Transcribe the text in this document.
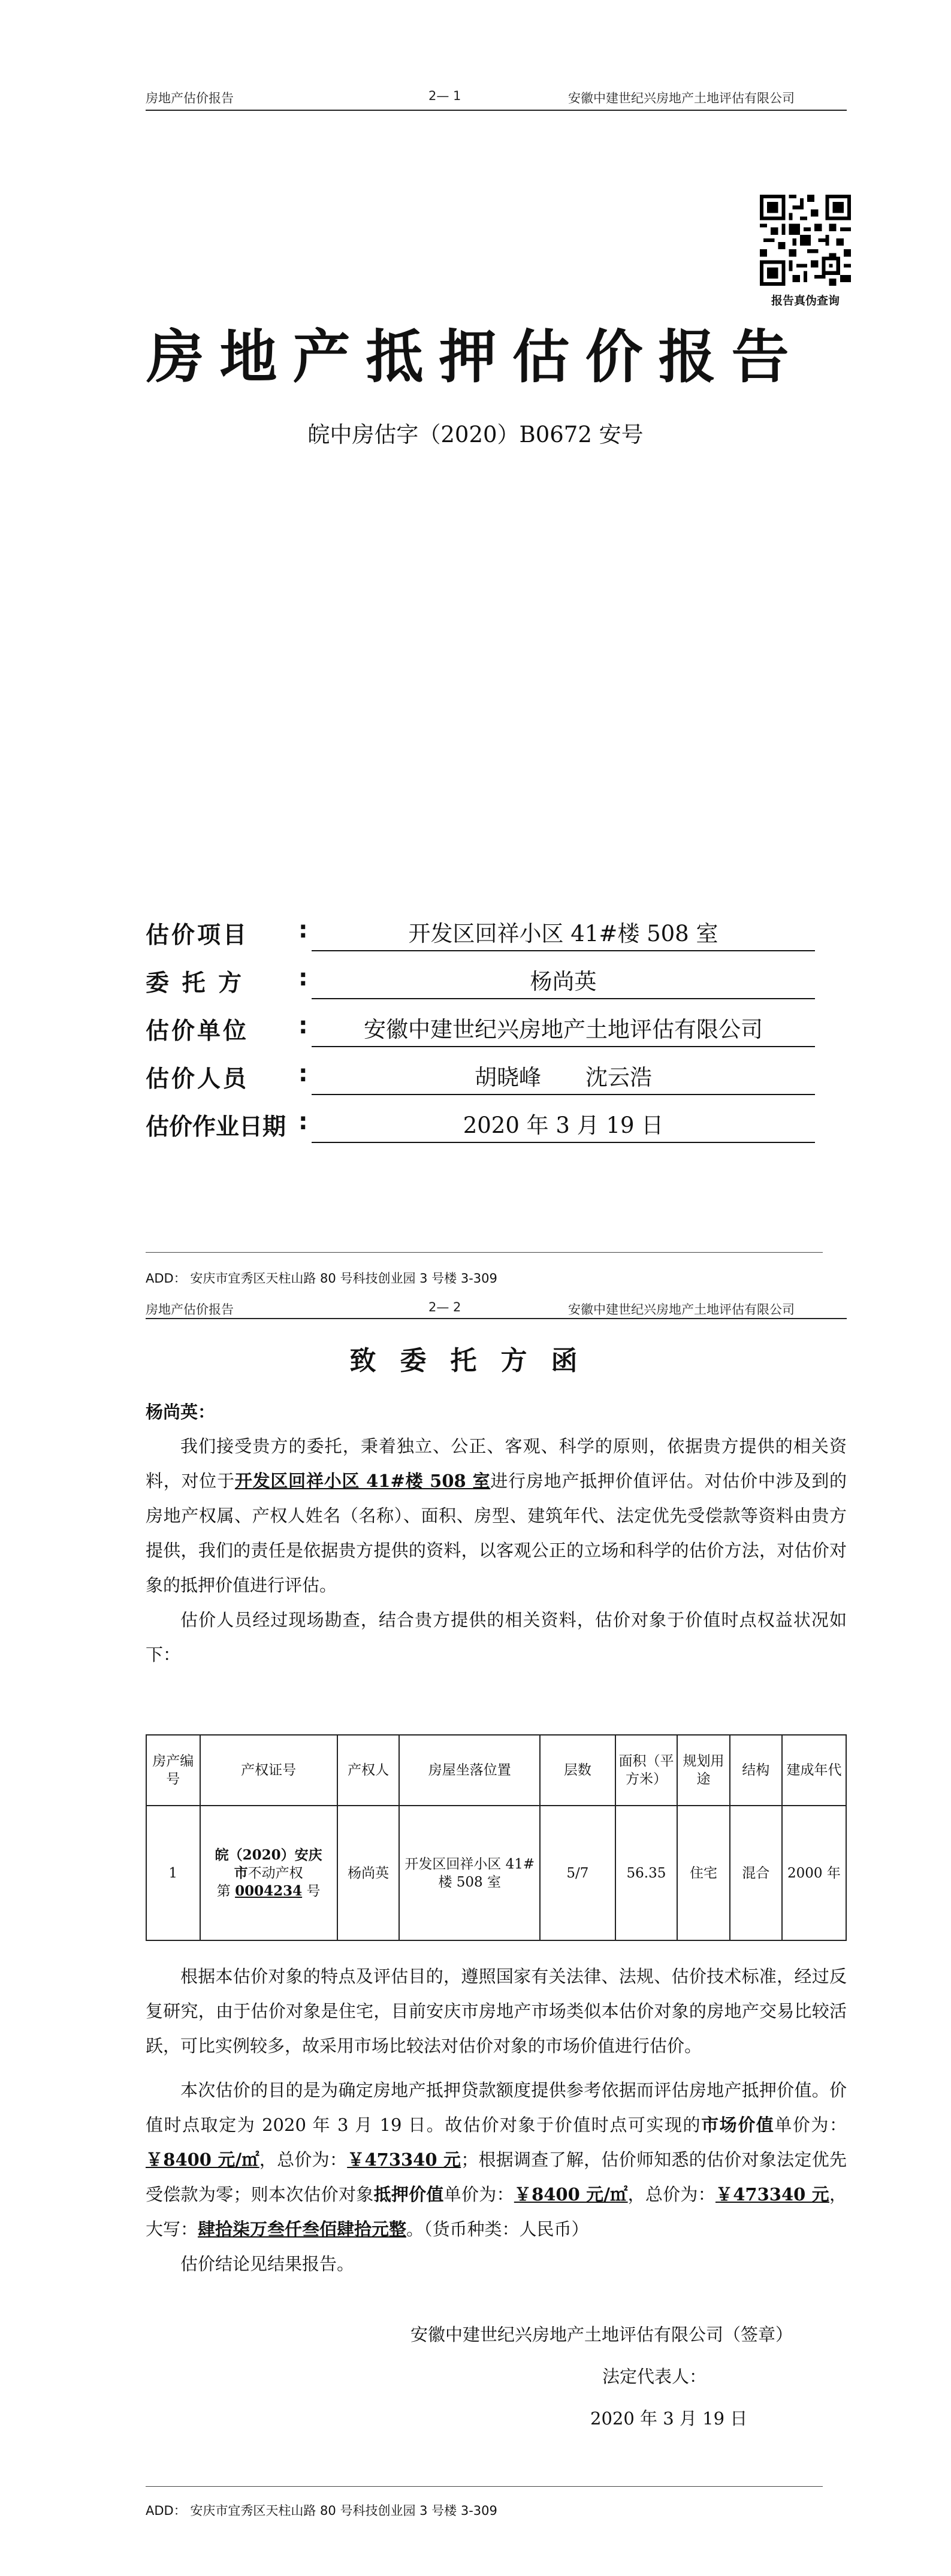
房地产估价报告	2— 1	安徽中建世纪兴房地产土地评估有限公司
报告真伪查询
房地产抵押估价报告
皖中房估字（2020）B0672 安号
估价项目 :	开发区回祥小区 41#楼 508 室
委 托 方 :	杨尚英
估价单位 :	安徽中建世纪兴房地产土地评估有限公司
估价人员 :	胡晓峰　　沈云浩
估价作业日期 :	2020 年 3 月 19 日
ADD： 安庆市宜秀区天柱山路 80 号科技创业园 3 号楼 3-309
房地产估价报告	2— 2	安徽中建世纪兴房地产土地评估有限公司
致委托方函
杨尚英：
我们接受贵方的委托，秉着独立、公正、客观、科学的原则，依据贵方提供的相关资料，对位于开发区回祥小区 41#楼 508 室进行房地产抵押价值评估。对估价中涉及到的房地产权属、产权人姓名（名称）、面积、房型、建筑年代、法定优先受偿款等资料由贵方提供，我们的责任是依据贵方提供的资料，以客观公正的立场和科学的估价方法，对估价对象的抵押价值进行评估。
估价人员经过现场勘查，结合贵方提供的相关资料，估价对象于价值时点权益状况如下：
房产编号	产权证号	产权人	房屋坐落位置	层数	面积（平方米）	规划用途	结构	建成年代
1	皖（2020）安庆
市不动产权
第 0004234 号	杨尚英	开发区回祥小区 41#楼 508 室	5/7	56.35	住宅	混合	2000 年
根据本估价对象的特点及评估目的，遵照国家有关法律、法规、估价技术标准，经过反复研究，由于估价对象是住宅，目前安庆市房地产市场类似本估价对象的房地产交易比较活跃，可比实例较多，故采用市场比较法对估价对象的市场价值进行估价。
本次估价的目的是为确定房地产抵押贷款额度提供参考依据而评估房地产抵押价值。价值时点取定为 2020 年 3 月 19 日。故估价对象于价值时点可实现的市场价值单价为：￥8400 元/㎡，总价为：￥473340 元；根据调查了解，估价师知悉的估价对象法定优先受偿款为零；则本次估价对象抵押价值单价为：￥8400 元/㎡，总价为：￥473340 元，大写：肆拾柒万叁仟叁佰肆拾元整。（货币种类：人民币）
估价结论见结果报告。
安徽中建世纪兴房地产土地评估有限公司（签章）
法定代表人：
2020 年 3 月 19 日
ADD： 安庆市宜秀区天柱山路 80 号科技创业园 3 号楼 3-309
